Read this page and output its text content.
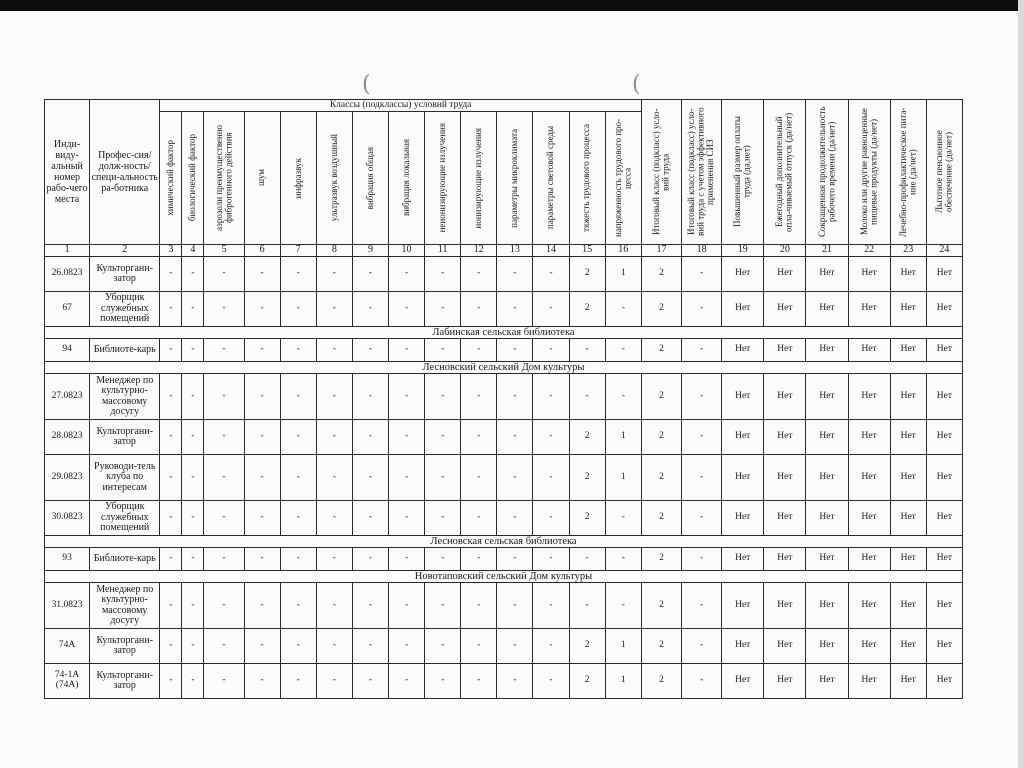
(	(
Инди-виду-альный номер рабо-чего места	Профес-сия/долж-ность/специ-альность ра-ботника	Классы (подклассы) условий труда														Итоговый класс (подкласс) усло-вий труда	Итоговый класс (подкласс) усло-вий труда с учетом эффективного применения СИЗ	Повышенный размер оплаты труда (да,нет)	Ежегодный дополнительный опла-чиваемый отпуск (да/нет)	Сокращенная продолжительность рабочего времени (да/нет)	Молоко или другие равноценные пищевые продукты (да/нет)	Лечебно-профилактическое пита-ние (да/нет)	Льготное пенсионное обеспечение (да/нет)

		химический фактор	биологический фактор	аэрозоли преимущественно фиброгенного действия	шум	инфразвук	ультразвук воздушный	вибрация общая	вибрация локальная	неионизирующие излучения	ионизирующие излучения	параметры микроклимата	параметры световой среды	тяжесть трудового процесса	напряженность трудового про-цесса								

1	2	3	4	5	6	7	8	9	10	11	12	13	14	15	16	17	18	19	20	21	22	23	24
26.0823	Культоргани-затор	-	-	-	-	-	-	-	-	-	-	-	-	2	1	2	-	Нет	Нет	Нет	Нет	Нет	Нет
67	Уборщик служебных помещений	-	-	-	-	-	-	-	-	-	-	-	-	2	-	2	-	Нет	Нет	Нет	Нет	Нет	Нет
Лабинская сельская библиотека																							
94	Библиоте-карь	-	-	-	-	-	-	-	-	-	-	-	-	-	-	2	-	Нет	Нет	Нет	Нет	Нет	Нет
Лесновский сельский Дом культуры																							
27.0823	Менеджер по культурно-массовому досугу	-	-	-	-	-	-	-	-	-	-	-	-	-	-	2	-	Нет	Нет	Нет	Нет	Нет	Нет
28.0823	Культоргани-затор	-	-	-	-	-	-	-	-	-	-	-	-	2	1	2	-	Нет	Нет	Нет	Нет	Нет	Нет
29.0823	Руководи-тель клуба по интересам	-	-	-	-	-	-	-	-	-	-	-	-	2	1	2	-	Нет	Нет	Нет	Нет	Нет	Нет
30.0823	Уборщик служебных помещений	-	-	-	-	-	-	-	-	-	-	-	-	2	-	2	-	Нет	Нет	Нет	Нет	Нет	Нет
Лесновская сельская библиотека																							
93	Библиоте-карь	-	-	-	-	-	-	-	-	-	-	-	-	-	-	2	-	Нет	Нет	Нет	Нет	Нет	Нет
Новотаповский сельский Дом культуры																							
31.0823	Менеджер по культурно-массовому досугу	-	-	-	-	-	-	-	-	-	-	-	-	-	-	2	-	Нет	Нет	Нет	Нет	Нет	Нет
74А	Культоргани-затор	-	-	-	-	-	-	-	-	-	-	-	-	2	1	2	-	Нет	Нет	Нет	Нет	Нет	Нет
74-1А (74А)	Культоргани-затор	-	-	-	-	-	-	-	-	-	-	-	-	2	1	2	-	Нет	Нет	Нет	Нет	Нет	Нет
